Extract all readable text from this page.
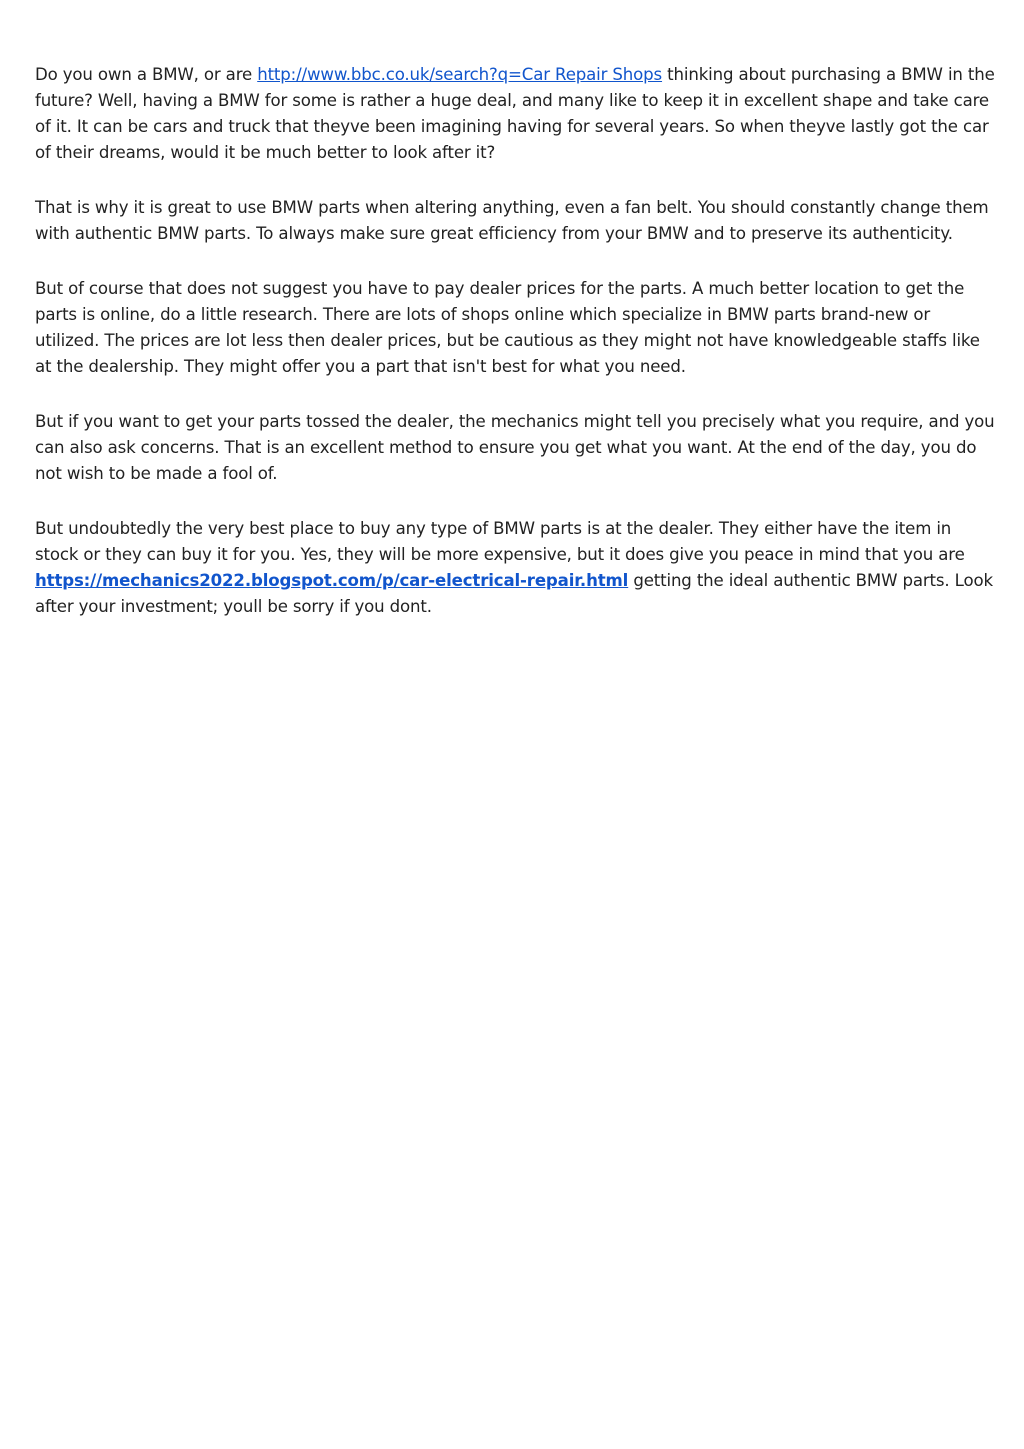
Do you own a BMW, or are http://www.bbc.co.uk/search?q=Car Repair Shops thinking about purchasing a BMW in the future? Well, having a BMW for some is rather a huge deal, and many like to keep it in excellent shape and take care of it. It can be cars and truck that theyve been imagining having for several years. So when theyve lastly got the car of their dreams, would it be much better to look after it?

That is why it is great to use BMW parts when altering anything, even a fan belt. You should constantly change them with authentic BMW parts. To always make sure great efficiency from your BMW and to preserve its authenticity.

But of course that does not suggest you have to pay dealer prices for the parts. A much better location to get the parts is online, do a little research. There are lots of shops online which specialize in BMW parts brand-new or utilized. The prices are lot less then dealer prices, but be cautious as they might not have knowledgeable staffs like at the dealership. They might offer you a part that isn't best for what you need.

But if you want to get your parts tossed the dealer, the mechanics might tell you precisely what you require, and you can also ask concerns. That is an excellent method to ensure you get what you want. At the end of the day, you do not wish to be made a fool of.

But undoubtedly the very best place to buy any type of BMW parts is at the dealer. They either have the item in stock or they can buy it for you. Yes, they will be more expensive, but it does give you peace in mind that you are https://mechanics2022.blogspot.com/p/car-electrical-repair.html getting the ideal authentic BMW parts. Look after your investment; youll be sorry if you dont.
